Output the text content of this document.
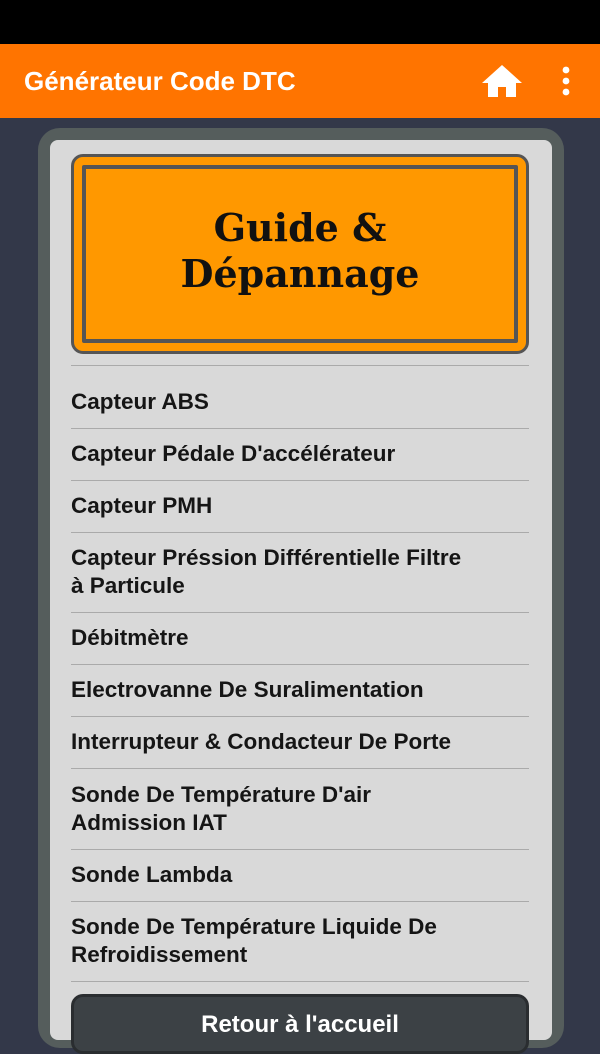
Générateur Code DTC
Guide &
Dépannage
Capteur ABS
Capteur Pédale D'accélérateur
Capteur PMH
Capteur Préssion Différentielle Filtre
à Particule
Débitmètre
Electrovanne De Suralimentation
Interrupteur & Condacteur De Porte
Sonde De Température D'air
Admission IAT
Sonde Lambda
Sonde De Température Liquide De
Refroidissement
Retour à l'accueil
